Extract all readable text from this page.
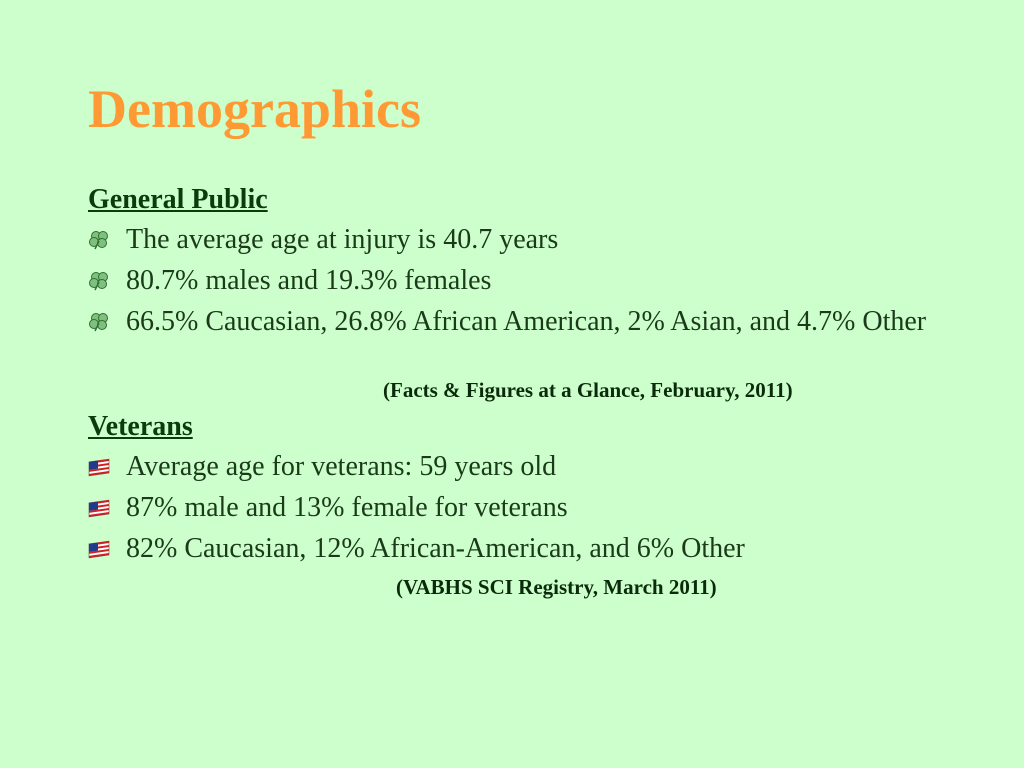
Demographics
General Public
The average age at injury is 40.7 years
80.7% males and 19.3% females
66.5% Caucasian, 26.8% African American, 2% Asian, and 4.7% Other
(Facts & Figures at a Glance, February, 2011)
Veterans
Average age for veterans: 59 years old
87% male and 13% female for veterans
82% Caucasian, 12% African-American, and 6% Other
(VABHS SCI Registry, March 2011)
